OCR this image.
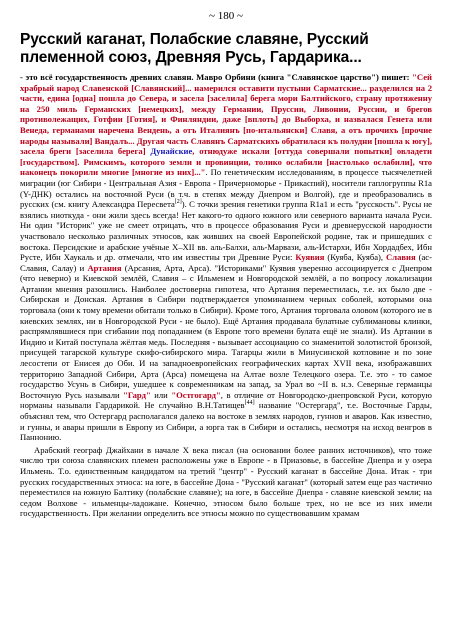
~ 180 ~
Русский каганат, Полабские славяне, Русский племенной союз, Древняя Русь, Гардарика...

- это всё государственность древних славян. Мавро Орбини (книга "Славянское царство") пишет: "Сей храбрый народ Славенской [Славянский]... намерился оставити пустыни Сарматские... разделился на 2 части, едина [одна] пошла до Севера, и засела [заселила] берега мори Балтийского, страну протяженну на 250 миль Германских [немецких], между Германии, Пруссии, Ливонии, Руссии, и брегов противолежащих, Готфии [Готия], и Финляндии, даже [вплоть] до Выборха, и назвалася Генета или Венеда, германами наречена Вендень, а отъ Италиянъ [по-итальянски] Славя, а отъ прочихъ [прочие народы называли] Вандалъ... Другая часть Славянъ Сарматскихъ обратилася къ полудни [пошла к югу], засела бреги [заселила берега] Дунайские, отнюдуже искали [оттуда совершали попытки] овладети [государством]. Римскимъ, которого земли и провинции, толико ослабили [настолько ослабили], что наконецъ покорили многие [многие из них]...". По генетическим исследованиям, в процессе тысячелетней миграции (юг Сибири - Центральная Азия - Европа - Причерноморье - Прикаспий), носители гаплогруппы R1a (Y-ДНК) остались на восточной Руси (в т.ч. в степях между Днепром и Волгой), где и преобразовались в русских (см. книгу Александра Пересвета[2]). С точки зрения генетики группа R1a1 и есть "русскость". Русы не взялись ниоткуда - они жили здесь всегда! Нет какого-то одного южного или северного варианта начала Руси. Ни один "Историк" уже не смеет отрицать, что в процессе образования Руси и древнерусской народности участвовало несколько различных этносов, как живших на своей Европейской родине, так и пришедших с востока. Персидские и арабские учёные X–XII вв. аль-Балхи, аль-Марвази, аль-Истархи, Ибн Хордадбех, Ибн Русте, Ибн Хаукаль и др. отмечали, что им известны три Древние Руси: Куявия (Куяба, Куяба), Славия (ас-Славия, Салау) и Артания (Арсания, Арта, Арса). "Историками" Куявия уверенно ассоциируется с Днепром (что неверно) и Киевской землёй, Славия – с Ильменем и Новгородской землёй, а по вопросу локализации Артании мнения разошлись. Наиболее достоверна гипотеза, что Артания переместилась, т.е. их было две - Сибирская и Донская. Артания в Сибири подтверждается упоминанием черных соболей, которыми она торговала (они к тому времени обитали только в Сибири). Кроме того, Артания торговала оловом (которого не в киевских землях, ни в Новгородской Руси - не было). Ещё Артания продавала булатные сублимановы клинки, распрямлявшиеся при сгибании под попаданием (в Европе того времени булата ещё не знали). Из Артании в Индию и Китай поступала жёлтая медь. Последняя - вызывает ассоциацию со знаменитой золотистой бронзой, присущей тагарской культуре скифо-сибирского мира. Тагарцы жили в Минусинской котловине и по зоне лесостепи от Енисея до Оби. И на западноевропейских географических картах XVII века, изображавших территорию Западной Сибири, Арта (Арса) помещена на Алтае возле Телецкого озера. Т.е. это - то самое государство Усунь в Сибири, ушедшее к современникам на запад, за Урал во ~II в. н.э. Северные германцы Восточную Русь называли "Гард" или "Остгогард", в отличие от Новгородско-днепровской Руси, которую норманы называли Гардарикой. Не случайно В.Н.Татищев[44] название "Остергард", т.е. Восточные Гарды, объяснял тем, что Остергард располагался далеко на востоке в землях народов, гуннов и аваров. Как известно, и гунны, и авары пришли в Европу из Сибири, а юрга так в Сибири и остались, несмотря на исход венгров в Паннонию.

Арабский географ Джайхани в начале X века писал (на основании более ранних источников), что тоже числю три союза славянских племен расположены уже в Европе - в Приазовье, в бассейне Днепра и у озера Ильмень. Т.о. единственным кандидатом на третий "центр" - Русский каганат в бассейне Дона. Итак - три русских государственных этноса: на юге, в бассейне Дона - "Русский каганат" (который затем еще раз частично переместился на южную Балтику (полабские славяне); на юге, в бассейне Днепра - славяне киевской земли; на седом Волхове - ильменцы-ладожане. Конечно, этносом было больше трех, но не все из них имели государственность. При желании определить все этносы можно по существовавшим храмам
